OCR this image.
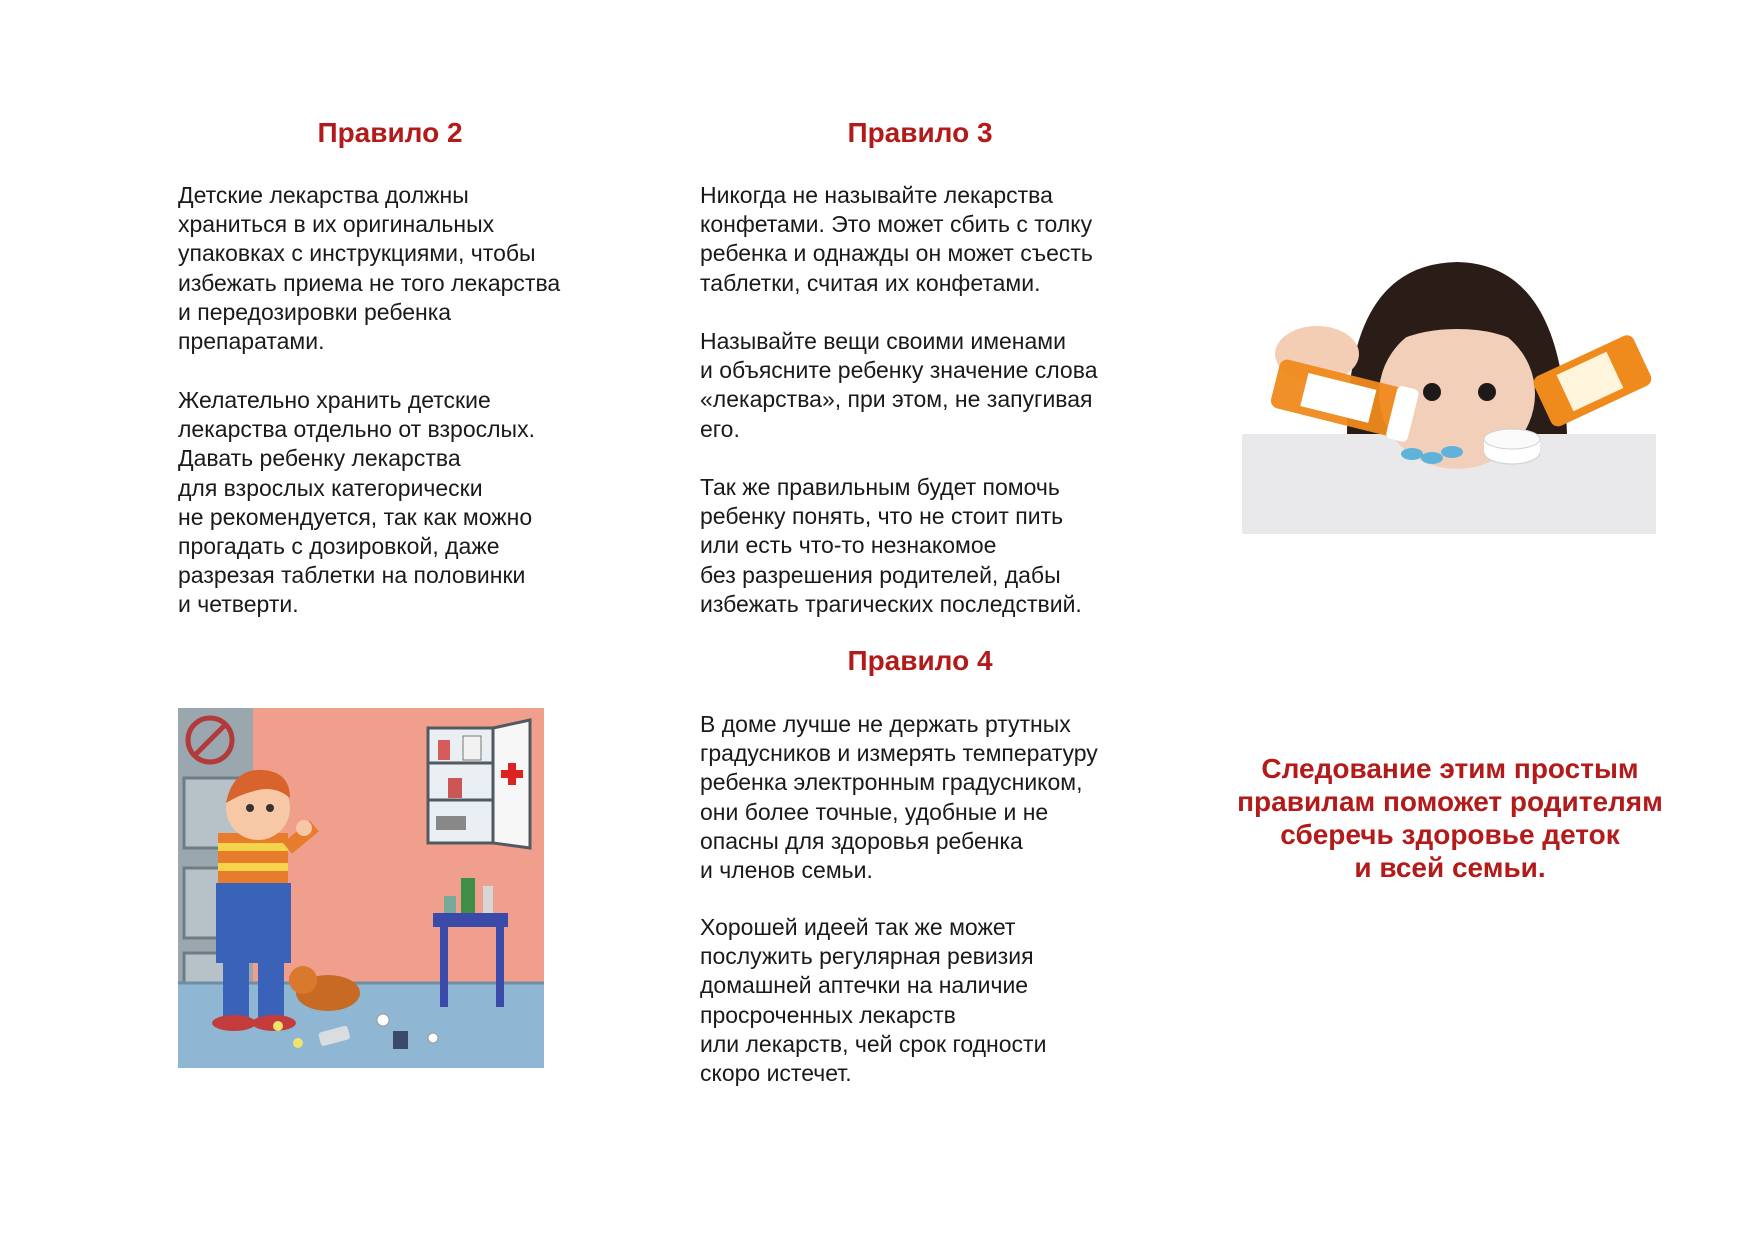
Правило 2

Детские лекарства должны
храниться в их оригинальных
упаковках с инструкциями, чтобы
избежать приема не того лекарства
и передозировки ребенка
препаратами.

Желательно хранить детские
лекарства отдельно от взрослых.
Давать ребенку лекарства
для взрослых категорически
не рекомендуется, так как можно
прогадать с дозировкой, даже
разрезая таблетки на половинки
и четверти.

Правило 3

Никогда не называйте лекарства
конфетами. Это может сбить с толку
ребенка и однажды он может съесть
таблетки, считая их конфетами.

Называйте вещи своими именами
и объясните ребенку значение слова
«лекарства», при этом, не запугивая
его.

Так же правильным будет помочь
ребенку понять, что не стоит пить
или есть что-то незнакомое
без разрешения родителей, дабы
избежать трагических последствий.

Правило 4

В доме лучше не держать ртутных
градусников и измерять температуру
ребенка электронным градусником,
они более точные, удобные и не
опасны для здоровья ребенка
и членов семьи.

Хорошей идеей так же может
послужить регулярная ревизия
домашней аптечки на наличие
просроченных лекарств
или лекарств, чей срок годности
скоро истечет.

Следование этим простым
правилам поможет родителям
сберечь здоровье деток
и всей семьи.
